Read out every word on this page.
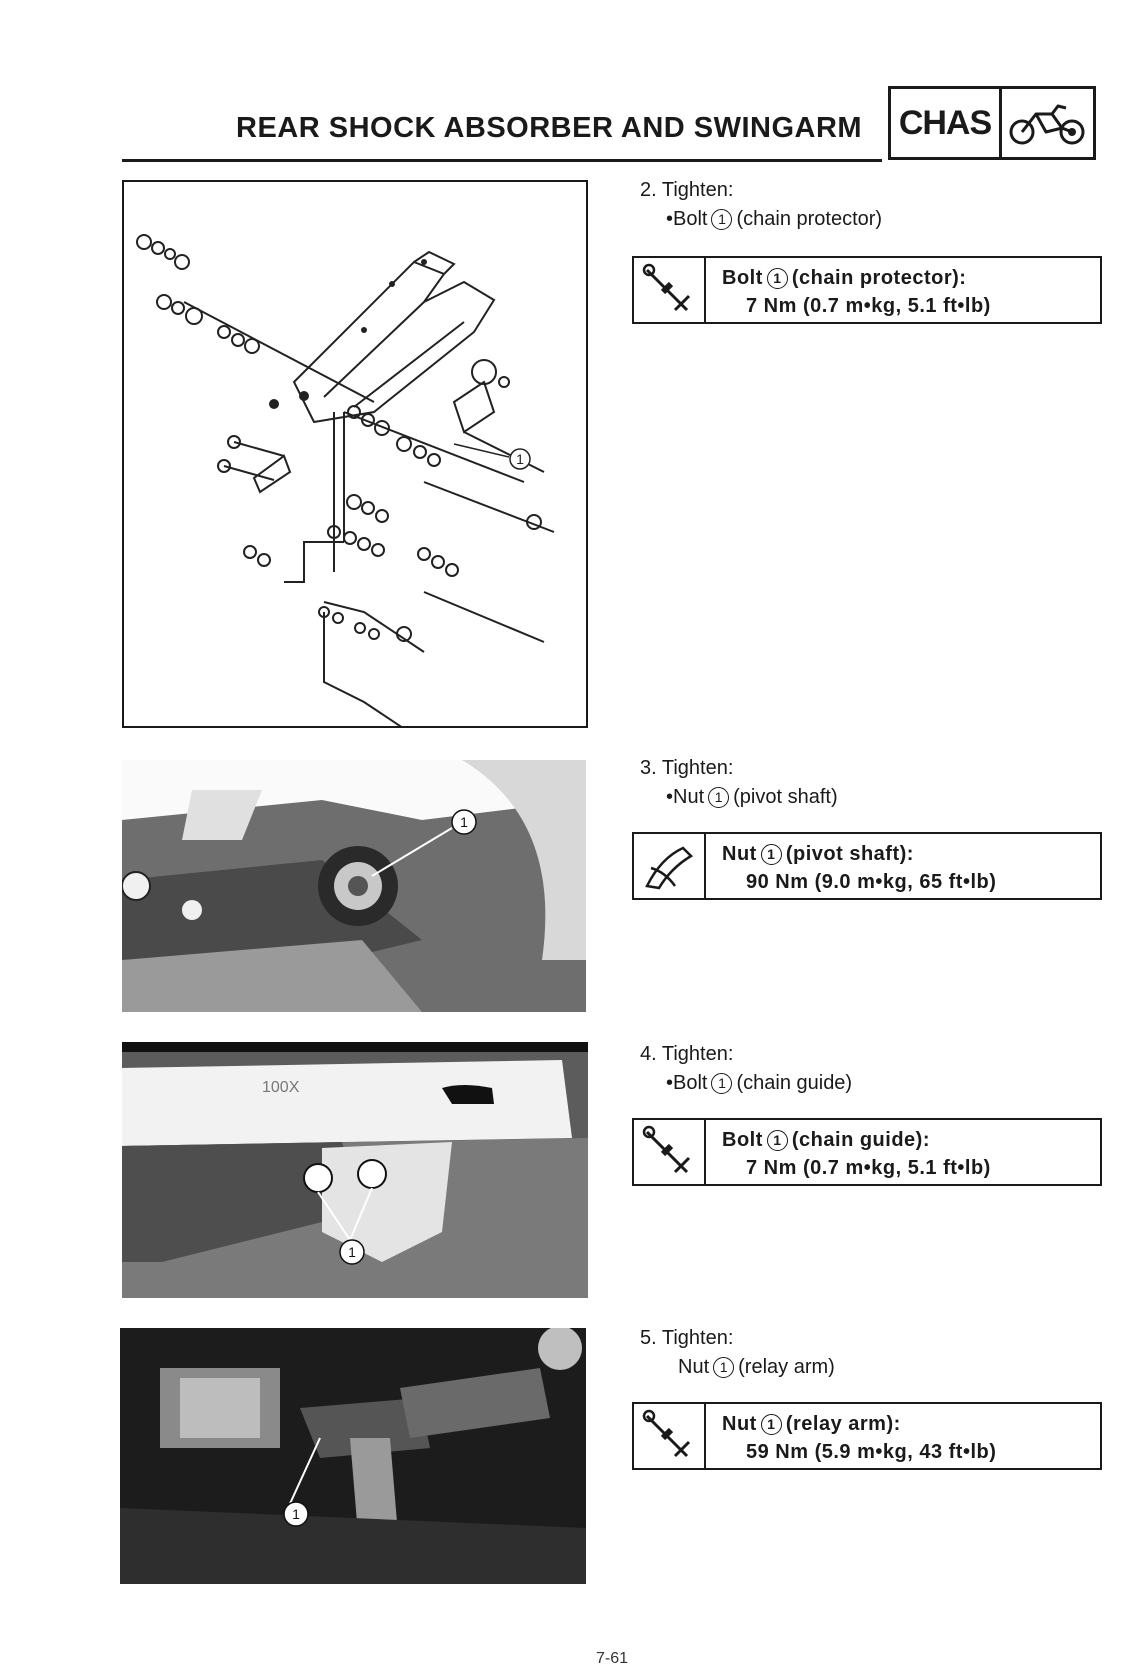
REAR SHOCK ABSORBER AND SWINGARM CHAS
1
1
100X
1
1
2. Tighten:
•Bolt 1 (chain protector)
Bolt 1 (chain protector):
7 Nm (0.7 m•kg, 5.1 ft•lb)
3. Tighten:
•Nut 1 (pivot shaft)
Nut 1 (pivot shaft):
90 Nm (9.0 m•kg, 65 ft•lb)
4. Tighten:
•Bolt 1 (chain guide)
Bolt 1 (chain guide):
7 Nm (0.7 m•kg, 5.1 ft•lb)
5. Tighten:
Nut 1 (relay arm)
Nut 1 (relay arm):
59 Nm (5.9 m•kg, 43 ft•lb)
7-61
